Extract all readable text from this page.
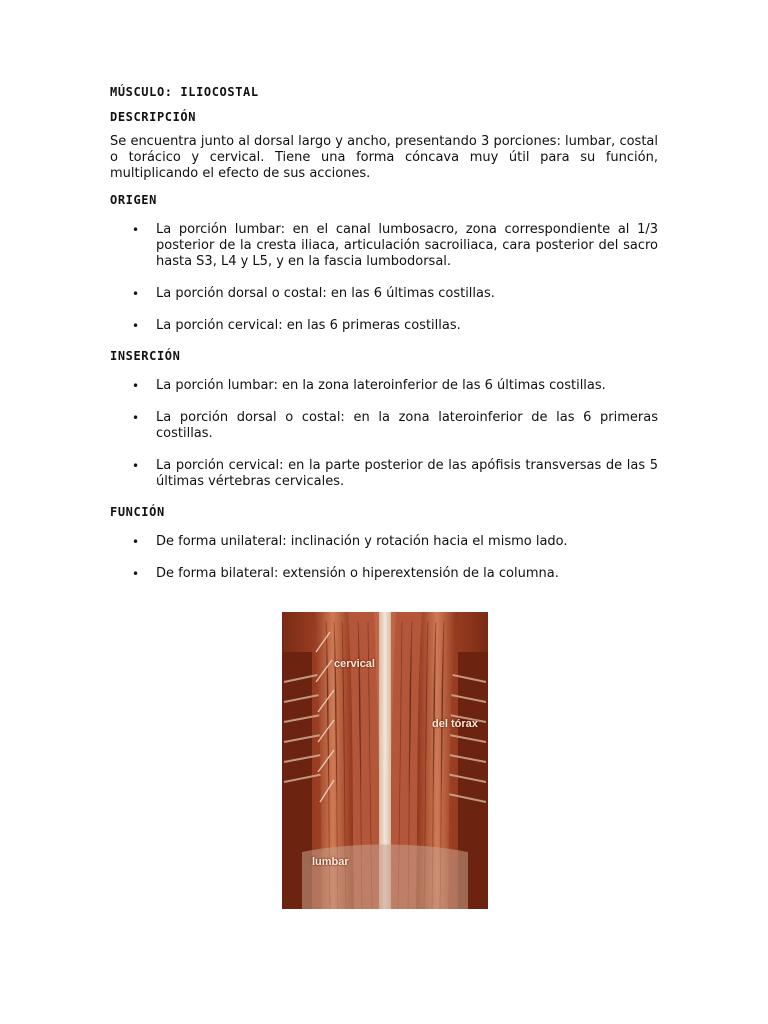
MÚSCULO: ILIOCOSTAL
DESCRIPCIÓN

Se encuentra junto al dorsal largo y ancho, presentando 3 porciones: lumbar, costal o torácico y cervical. Tiene una forma cóncava muy útil para su función, multiplicando el efecto de sus acciones.

ORIGEN
• La porción lumbar: en el canal lumbosacro, zona correspondiente al 1/3 posterior de la cresta iliaca, articulación sacroiliaca, cara posterior del sacro hasta S3, L4 y L5, y en la fascia lumbodorsal.
• La porción dorsal o costal: en las 6 últimas costillas.
• La porción cervical: en las 6 primeras costillas.
INSERCIÓN
• La porción lumbar: en la zona lateroinferior de las 6 últimas costillas.
• La porción dorsal o costal: en la zona lateroinferior de las 6 primeras costillas.
• La porción cervical: en la parte posterior de las apófisis transversas de las 5 últimas vértebras cervicales.
FUNCIÓN
• De forma unilateral: inclinación y rotación hacia el mismo lado.
• De forma bilateral: extensión o hiperextensión de la columna.
cervical
del tórax
lumbar
